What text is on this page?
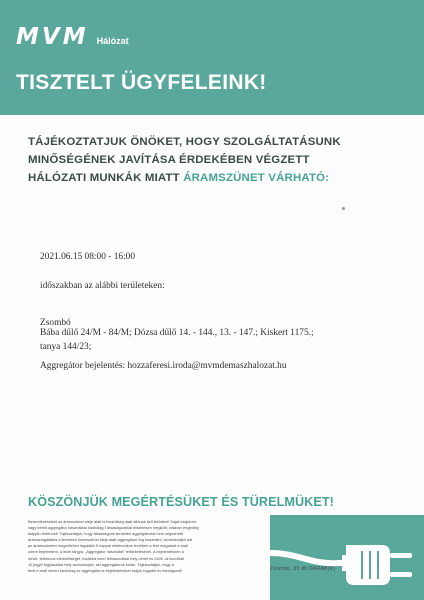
MVM Hálózat
TISZTELT ÜGYFELEINK!
TÁJÉKOZTATJUK ÖNÖKET, HOGY SZOLGÁLTATÁSUNK
MINŐSÉGÉNEK JAVÍTÁSA ÉRDEKÉBEN VÉGZETT
HÁLÓZATI MUNKÁK MIATT ÁRAMSZÜNET VÁRHATÓ:
2021.06.15 08:00 - 16:00
időszakban az alábbi területeken:
Zsombó
Bába dűlő 24/M - 84/M; Dózsa dűlő 14. - 144., 13. - 147.; Kiskert 1175.;
tanya 144/23;
Aggregátor bejelentés: hozzaferesi.iroda@mvmdemaszhalozat.hu
KÖSZÖNJÜK MEGÉRTÉSÜKET ÉS TÜRELMÜKET!
Berendezéseiket az áramszünet ideje alatt is feszültség alatt állónak kell tekinteni! Saját tulajdonú
vagy bérelt aggregátor használata kizárólag Társaságunkkal előzetesen megkött, írásban engedély
alapján történhet! Tájékoztatjuk, hogy társaságunk területén aggregátorral nem végezhető
áramszolgáltatás a tervezett üzemszünet ideje alatt aggregátort fog használni, szíveskedjen azt
az áramszünetet megelőzően legalább 5 nappal elektronikus levélben a fent megadott e-mail
címre bejelenteni, a levél tárgya: „Aggregátor használat" feltüntetésével. A bejelentésben a
nevét, telefonos elérhetőségét, továbbá ezen felhasználási hely címét és 0400 -al kezdődő
10 jegyű fogyasztási hely azonosítóját, aki aggregátoros kíván. Tájékoztatjuk, hogy a
fenti e-mail címen kizárólag az aggregátoros bejelentéseket tudjuk fogadni és feldolgozni!	Zsombó, 33 db DARAB(K)
